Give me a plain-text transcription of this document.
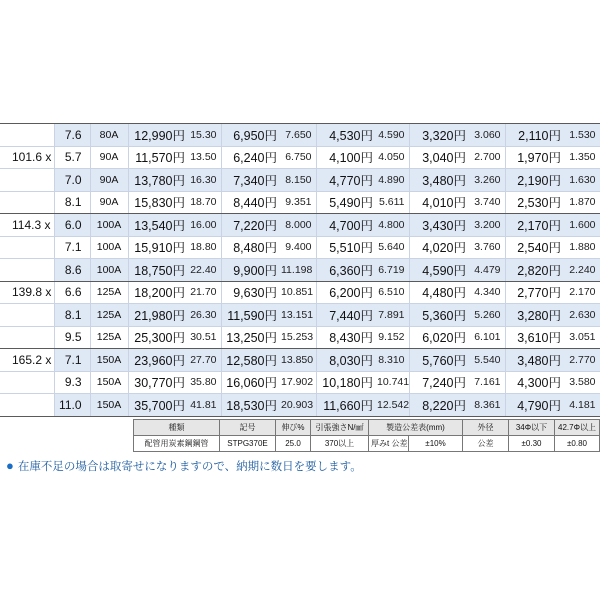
	7.6	80A	12,990円	15.30	6,950円	7.650	4,530円	4.590	3,320円	3.060	2,110円	1.530
101.6 x	5.7	90A	11,570円	13.50	6,240円	6.750	4,100円	4.050	3,040円	2.700	1,970円	1.350
	7.0	90A	13,780円	16.30	7,340円	8.150	4,770円	4.890	3,480円	3.260	2,190円	1.630
	8.1	90A	15,830円	18.70	8,440円	9.351	5,490円	5.611	4,010円	3.740	2,530円	1.870
114.3 x	6.0	100A	13,540円	16.00	7,220円	8.000	4,700円	4.800	3,430円	3.200	2,170円	1.600
	7.1	100A	15,910円	18.80	8,480円	9.400	5,510円	5.640	4,020円	3.760	2,540円	1.880
	8.6	100A	18,750円	22.40	9,900円	11.198	6,360円	6.719	4,590円	4.479	2,820円	2.240
139.8 x	6.6	125A	18,200円	21.70	9,630円	10.851	6,200円	6.510	4,480円	4.340	2,770円	2.170
	8.1	125A	21,980円	26.30	11,590円	13.151	7,440円	7.891	5,360円	5.260	3,280円	2.630
	9.5	125A	25,300円	30.51	13,250円	15.253	8,430円	9.152	6,020円	6.101	3,610円	3.051
165.2 x	7.1	150A	23,960円	27.70	12,580円	13.850	8,030円	8.310	5,760円	5.540	3,480円	2.770
	9.3	150A	30,770円	35.80	16,060円	17.902	10,180円	10.741	7,240円	7.161	4,300円	3.580
	11.0	150A	35,700円	41.81	18,530円	20.903	11,660円	12.542	8,220円	8.361	4,790円	4.181
種類	記号	伸び%	引張強さN/㎟	製造公差表(mm)		外径	34Φ以下	42.7Φ以上
配管用炭素鋼鋼管	STPG370E	25.0	370以上	厚みt 公差	±10%	公差	±0.30	±0.80
● 在庫不足の場合は取寄せになりますので、納期に数日を要します。
